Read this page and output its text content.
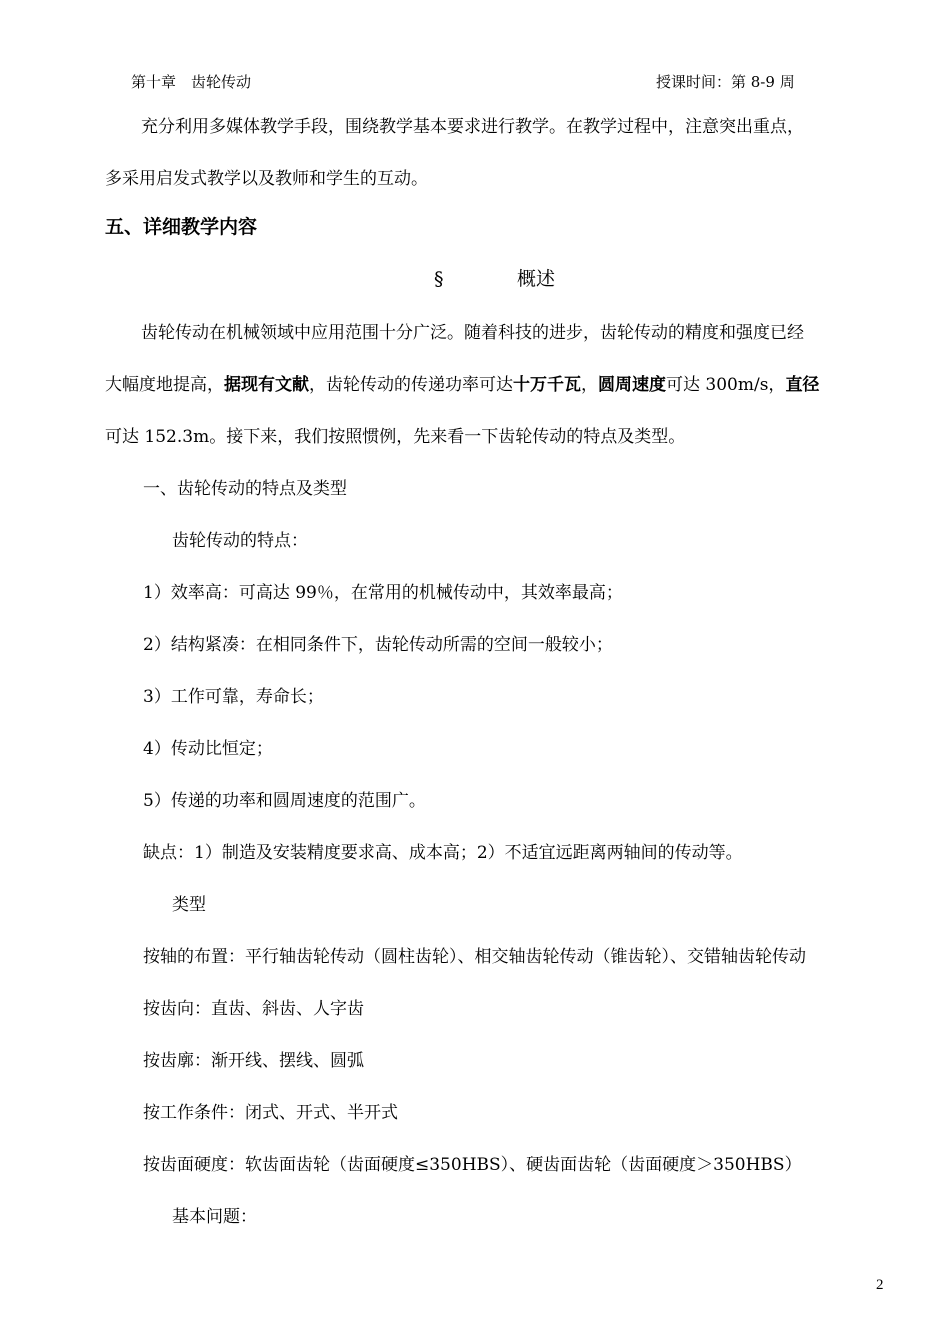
第十章　齿轮传动	授课时间：第 8-9 周
充分利用多媒体教学手段，围绕教学基本要求进行教学。在教学过程中，注意突出重点，
多采用启发式教学以及教师和学生的互动。
五、详细教学内容
§	概述
齿轮传动在机械领域中应用范围十分广泛。随着科技的进步，齿轮传动的精度和强度已经
大幅度地提高，据现有文献，齿轮传动的传递功率可达十万千瓦，圆周速度可达 300m/s，直径
可达 152.3m。接下来，我们按照惯例，先来看一下齿轮传动的特点及类型。
一、齿轮传动的特点及类型
齿轮传动的特点：
1）效率高：可高达 99％，在常用的机械传动中，其效率最高；
2）结构紧凑：在相同条件下，齿轮传动所需的空间一般较小；
3）工作可靠，寿命长；
4）传动比恒定；
5）传递的功率和圆周速度的范围广。
缺点：1）制造及安装精度要求高、成本高；2）不适宜远距离两轴间的传动等。
类型
按轴的布置：平行轴齿轮传动（圆柱齿轮）、相交轴齿轮传动（锥齿轮）、交错轴齿轮传动
按齿向：直齿、斜齿、人字齿
按齿廓：渐开线、摆线、圆弧
按工作条件：闭式、开式、半开式
按齿面硬度：软齿面齿轮（齿面硬度≤350HBS）、硬齿面齿轮（齿面硬度＞350HBS）
基本问题：
2
